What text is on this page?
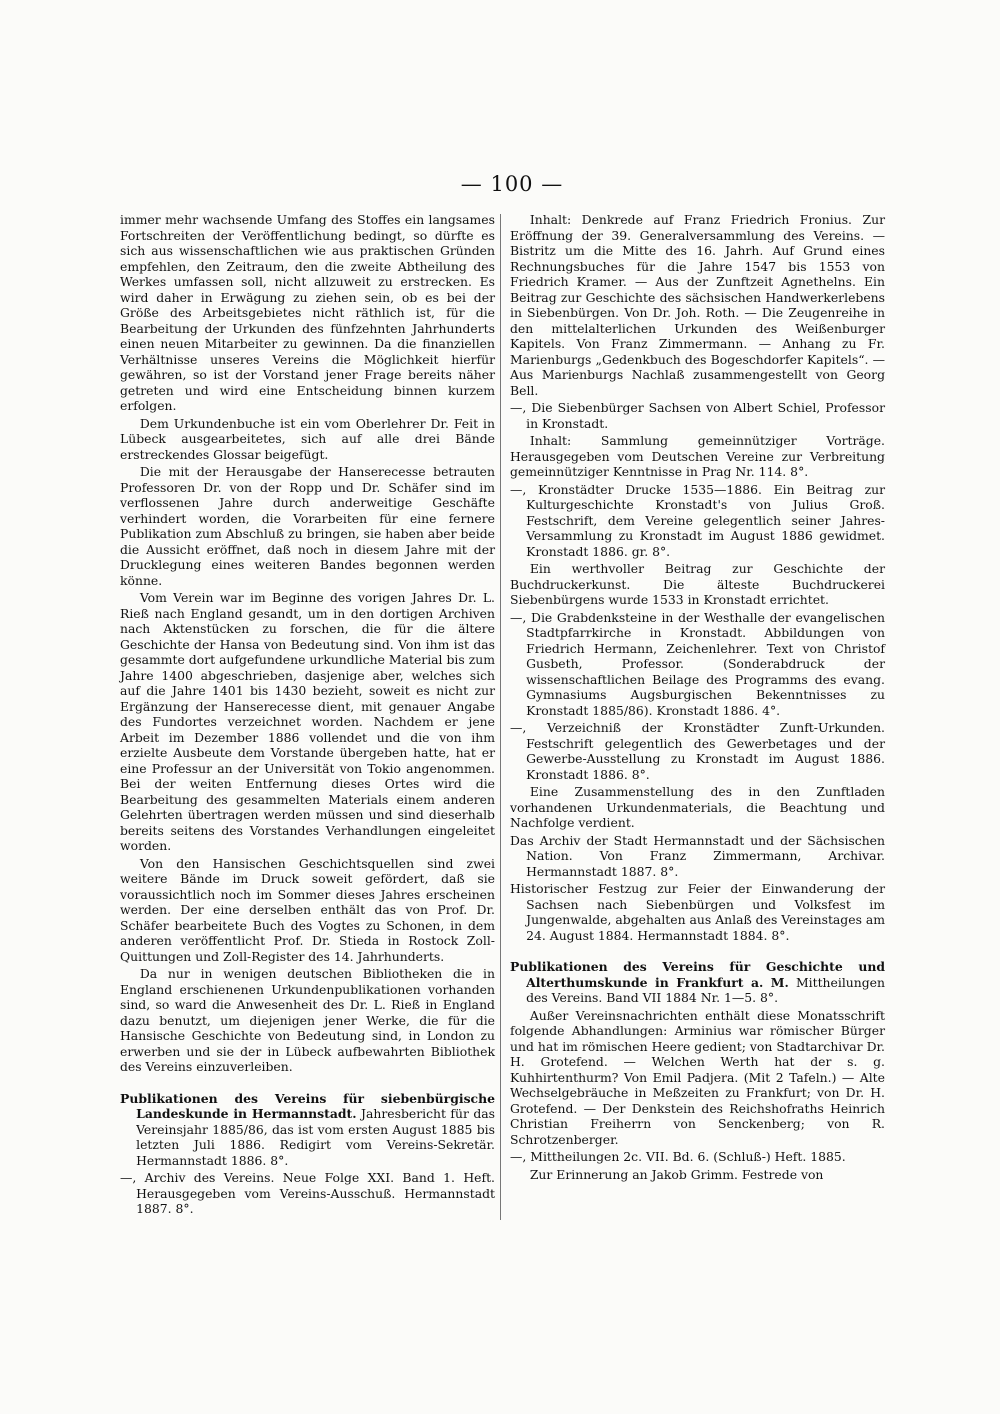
— 100 —

immer mehr wachsende Umfang des Stoffes ein langsames Fortschreiten der Veröffentlichung bedingt, so dürfte es sich aus wissenschaftlichen wie aus praktischen Gründen empfehlen, den Zeitraum, den die zweite Abtheilung des Werkes umfassen soll, nicht allzuweit zu erstrecken. Es wird daher in Erwägung zu ziehen sein, ob es bei der Größe des Arbeitsgebietes nicht räthlich ist, für die Bearbeitung der Urkunden des fünfzehnten Jahrhunderts einen neuen Mitarbeiter zu gewinnen. Da die finanziellen Verhältnisse unseres Vereins die Möglichkeit hierfür gewähren, so ist der Vorstand jener Frage bereits näher getreten und wird eine Entscheidung binnen kurzem erfolgen.

Dem Urkundenbuche ist ein vom Oberlehrer Dr. Feit in Lübeck ausgearbeitetes, sich auf alle drei Bände erstreckendes Glossar beigefügt.

Die mit der Herausgabe der Hanserecesse betrauten Professoren Dr. von der Ropp und Dr. Schäfer sind im verflossenen Jahre durch anderweitige Geschäfte verhindert worden, die Vorarbeiten für eine fernere Publikation zum Abschluß zu bringen, sie haben aber beide die Aussicht eröffnet, daß noch in diesem Jahre mit der Drucklegung eines weiteren Bandes begonnen werden könne.

Vom Verein war im Beginne des vorigen Jahres Dr. L. Rieß nach England gesandt, um in den dortigen Archiven nach Aktenstücken zu forschen, die für die ältere Geschichte der Hansa von Bedeutung sind. Von ihm ist das gesammte dort aufgefundene urkundliche Material bis zum Jahre 1400 abgeschrieben, dasjenige aber, welches sich auf die Jahre 1401 bis 1430 bezieht, soweit es nicht zur Ergänzung der Hanserecesse dient, mit genauer Angabe des Fundortes verzeichnet worden. Nachdem er jene Arbeit im Dezember 1886 vollendet und die von ihm erzielte Ausbeute dem Vorstande übergeben hatte, hat er eine Professur an der Universität von Tokio angenommen. Bei der weiten Entfernung dieses Ortes wird die Bearbeitung des gesammelten Materials einem anderen Gelehrten übertragen werden müssen und sind dieserhalb bereits seitens des Vorstandes Verhandlungen eingeleitet worden.

Von den Hansischen Geschichtsquellen sind zwei weitere Bände im Druck soweit gefördert, daß sie voraussichtlich noch im Sommer dieses Jahres erscheinen werden. Der eine derselben enthält das von Prof. Dr. Schäfer bearbeitete Buch des Vogtes zu Schonen, in dem anderen veröffentlicht Prof. Dr. Stieda in Rostock Zoll-Quittungen und Zoll-Register des 14. Jahrhunderts.

Da nur in wenigen deutschen Bibliotheken die in England erschienenen Urkundenpublikationen vorhanden sind, so ward die Anwesenheit des Dr. L. Rieß in England dazu benutzt, um diejenigen jener Werke, die für die Hansische Geschichte von Bedeutung sind, in London zu erwerben und sie der in Lübeck aufbewahrten Bibliothek des Vereins einzuverleiben.

Publikationen des Vereins für siebenbürgische Landeskunde in Hermannstadt. Jahresbericht für das Vereinsjahr 1885/86, das ist vom ersten August 1885 bis letzten Juli 1886. Redigirt vom Vereins-Sekretär. Hermannstadt 1886. 8°.

—, Archiv des Vereins. Neue Folge XXI. Band 1. Heft. Herausgegeben vom Vereins-Ausschuß. Hermannstadt 1887. 8°.

Inhalt: Denkrede auf Franz Friedrich Fronius. Zur Eröffnung der 39. Generalversammlung des Vereins. — Bistritz um die Mitte des 16. Jahrh. Auf Grund eines Rechnungsbuches für die Jahre 1547 bis 1553 von Friedrich Kramer. — Aus der Zunftzeit Agnethelns. Ein Beitrag zur Geschichte des sächsischen Handwerkerlebens in Siebenbürgen. Von Dr. Joh. Roth. — Die Zeugenreihe in den mittelalterlichen Urkunden des Weißenburger Kapitels. Von Franz Zimmermann. — Anhang zu Fr. Marienburgs „Gedenkbuch des Bogeschdorfer Kapitels“. — Aus Marienburgs Nachlaß zusammengestellt von Georg Bell.

—, Die Siebenbürger Sachsen von Albert Schiel, Professor in Kronstadt.

Inhalt: Sammlung gemeinnütziger Vorträge. Herausgegeben vom Deutschen Vereine zur Verbreitung gemeinnütziger Kenntnisse in Prag Nr. 114. 8°.

—, Kronstädter Drucke 1535—1886. Ein Beitrag zur Kulturgeschichte Kronstadt's von Julius Groß. Festschrift, dem Vereine gelegentlich seiner Jahres-Versammlung zu Kronstadt im August 1886 gewidmet. Kronstadt 1886. gr. 8°.

Ein werthvoller Beitrag zur Geschichte der Buchdruckerkunst. Die älteste Buchdruckerei Siebenbürgens wurde 1533 in Kronstadt errichtet.

—, Die Grabdenksteine in der Westhalle der evangelischen Stadtpfarrkirche in Kronstadt. Abbildungen von Friedrich Hermann, Zeichenlehrer. Text von Christof Gusbeth, Professor. (Sonderabdruck der wissenschaftlichen Beilage des Programms des evang. Gymnasiums Augsburgischen Bekenntnisses zu Kronstadt 1885/86). Kronstadt 1886. 4°.

—, Verzeichniß der Kronstädter Zunft-Urkunden. Festschrift gelegentlich des Gewerbetages und der Gewerbe-Ausstellung zu Kronstadt im August 1886. Kronstadt 1886. 8°.

Eine Zusammenstellung des in den Zunftladen vorhandenen Urkundenmaterials, die Beachtung und Nachfolge verdient.

Das Archiv der Stadt Hermannstadt und der Sächsischen Nation. Von Franz Zimmermann, Archivar. Hermannstadt 1887. 8°.

Historischer Festzug zur Feier der Einwanderung der Sachsen nach Siebenbürgen und Volksfest im Jungenwalde, abgehalten aus Anlaß des Vereinstages am 24. August 1884. Hermannstadt 1884. 8°.

Publikationen des Vereins für Geschichte und Alterthumskunde in Frankfurt a. M. Mittheilungen des Vereins. Band VII 1884 Nr. 1—5. 8°.

Außer Vereinsnachrichten enthält diese Monatsschrift folgende Abhandlungen: Arminius war römischer Bürger und hat im römischen Heere gedient; von Stadtarchivar Dr. H. Grotefend. — Welchen Werth hat der s. g. Kuhhirtenthurm? Von Emil Padjera. (Mit 2 Tafeln.) — Alte Wechselgebräuche in Meßzeiten zu Frankfurt; von Dr. H. Grotefend. — Der Denkstein des Reichshofraths Heinrich Christian Freiherrn von Senckenberg; von R. Schrotzenberger.

—, Mittheilungen 2c. VII. Bd. 6. (Schluß-) Heft. 1885.

Zur Erinnerung an Jakob Grimm. Festrede von
